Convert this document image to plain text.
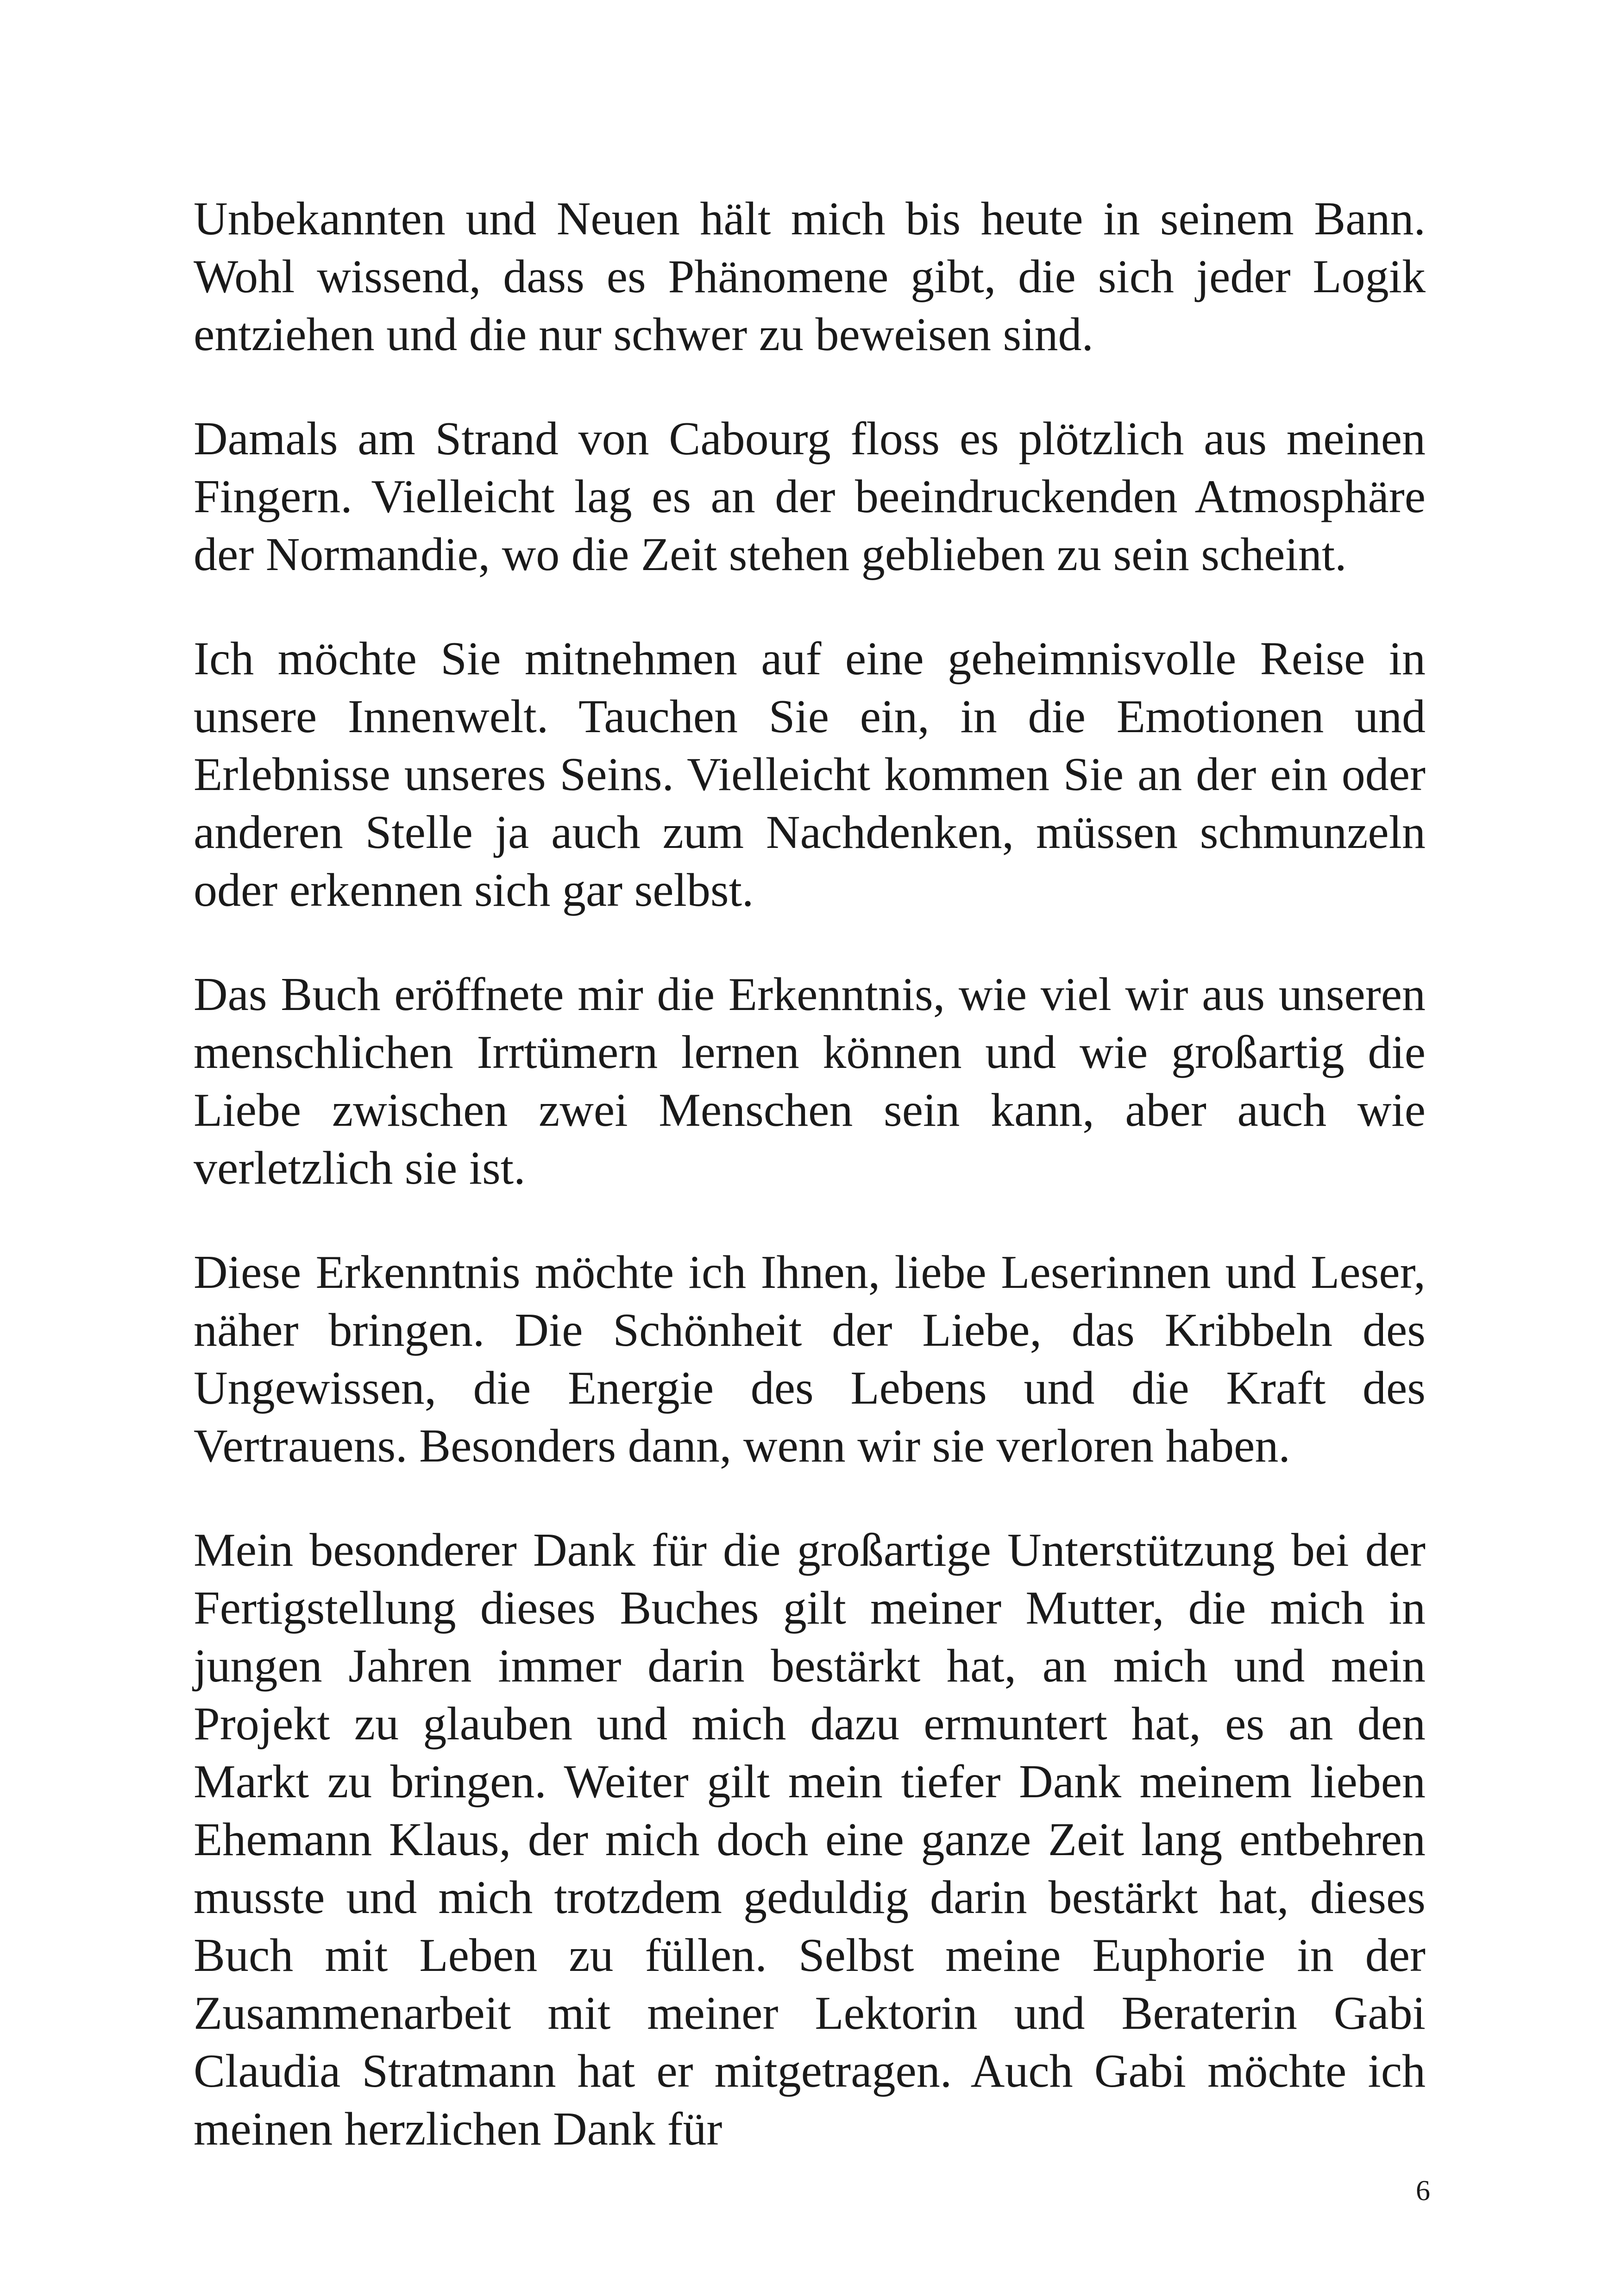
Unbekannten und Neuen hält mich bis heute in seinem Bann. Wohl wissend, dass es Phänomene gibt, die sich jeder Logik entziehen und die nur schwer zu beweisen sind.

Damals am Strand von Cabourg floss es plötzlich aus meinen Fingern. Vielleicht lag es an der beeindruckenden Atmosphäre der Normandie, wo die Zeit stehen geblieben zu sein scheint.

Ich möchte Sie mitnehmen auf eine geheimnisvolle Reise in unsere Innenwelt. Tauchen Sie ein, in die Emotionen und Erlebnisse unseres Seins. Vielleicht kommen Sie an der ein oder anderen Stelle ja auch zum Nachdenken, müssen schmunzeln oder erkennen sich gar selbst.

Das Buch eröffnete mir die Erkenntnis, wie viel wir aus unseren menschlichen Irrtümern lernen können und wie großartig die Liebe zwischen zwei Menschen sein kann, aber auch wie verletzlich sie ist.

Diese Erkenntnis möchte ich Ihnen, liebe Leserinnen und Leser, näher bringen. Die Schönheit der Liebe, das Kribbeln des Ungewissen, die Energie des Lebens und die Kraft des Vertrauens. Besonders dann, wenn wir sie verloren haben.

Mein besonderer Dank für die großartige Unterstützung bei der Fertigstellung dieses Buches gilt meiner Mutter, die mich in jungen Jahren immer darin bestärkt hat, an mich und mein Projekt zu glauben und mich dazu ermuntert hat, es an den Markt zu bringen. Weiter gilt mein tiefer Dank meinem lieben Ehemann Klaus, der mich doch eine ganze Zeit lang entbehren musste und mich trotzdem geduldig darin bestärkt hat, dieses Buch mit Leben zu füllen. Selbst meine Euphorie in der Zusammenarbeit mit meiner Lektorin und Beraterin Gabi Claudia Stratmann hat er mitgetragen. Auch Gabi möchte ich meinen herzlichen Dank für

6
